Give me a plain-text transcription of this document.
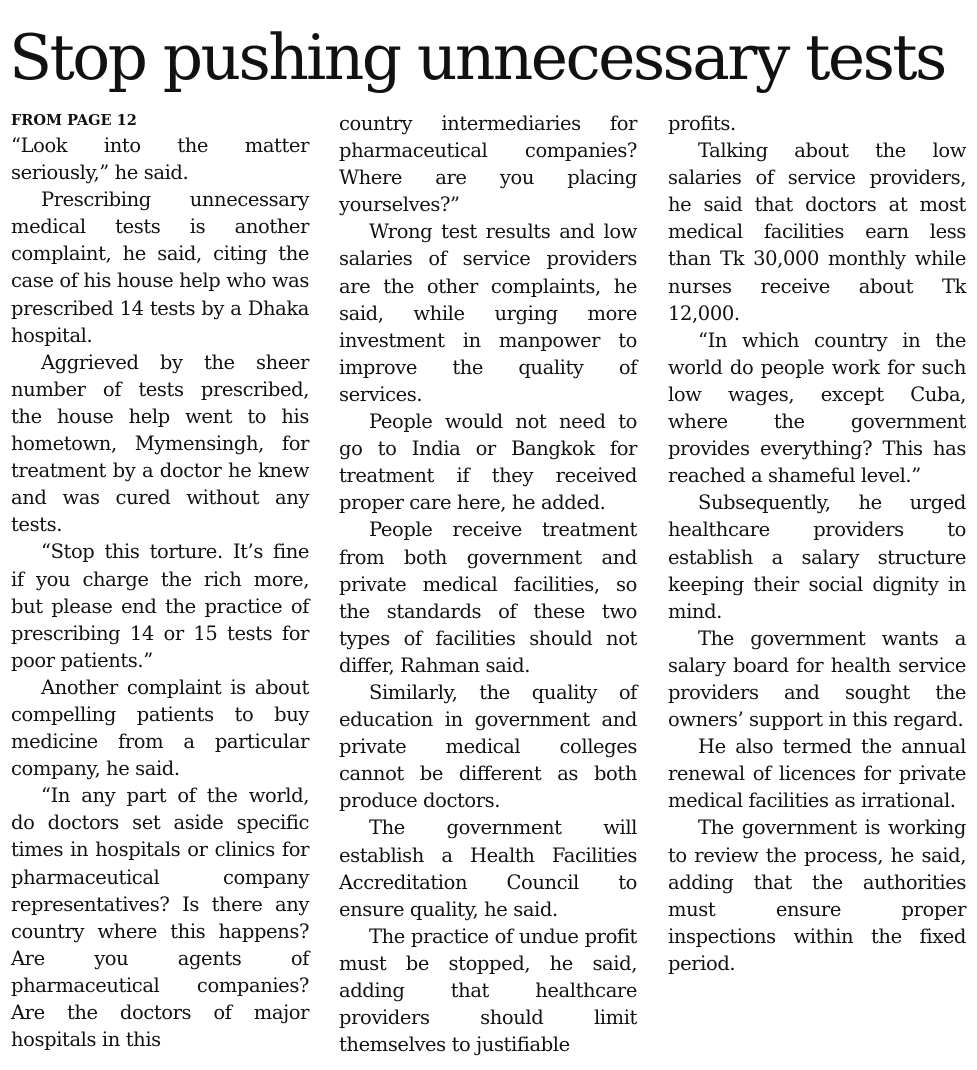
Stop pushing unnecessary tests
FROM PAGE 12

“Look into the matter seriously,” he said.

Prescribing unnecessary medical tests is another complaint, he said, citing the case of his house help who was prescribed 14 tests by a Dhaka hospital.

Aggrieved by the sheer number of tests prescribed, the house help went to his hometown, Mymensingh, for treatment by a doctor he knew and was cured without any tests.

“Stop this torture. It’s fine if you charge the rich more, but please end the practice of prescribing 14 or 15 tests for poor patients.”

Another complaint is about compelling patients to buy medicine from a particular company, he said.

“In any part of the world, do doctors set aside specific times in hospitals or clinics for pharmaceutical company representatives? Is there any country where this happens? Are you agents of pharmaceutical companies? Are the doctors of major hospitals in this

country intermediaries for pharmaceutical companies? Where are you placing yourselves?”

Wrong test results and low salaries of service providers are the other complaints, he said, while urging more investment in manpower to improve the quality of services.

People would not need to go to India or Bangkok for treatment if they received proper care here, he added.

People receive treatment from both government and private medical facilities, so the standards of these two types of facilities should not differ, Rahman said.

Similarly, the quality of education in government and private medical colleges cannot be different as both produce doctors.

The government will establish a Health Facilities Accreditation Council to ensure quality, he said.

The practice of undue profit must be stopped, he said, adding that healthcare providers should limit themselves to justifiable

profits.

Talking about the low salaries of service providers, he said that doctors at most medical facilities earn less than Tk 30,000 monthly while nurses receive about Tk 12,000.

“In which country in the world do people work for such low wages, except Cuba, where the government provides everything? This has reached a shameful level.”

Subsequently, he urged healthcare providers to establish a salary structure keeping their social dignity in mind.

The government wants a salary board for health service providers and sought the owners’ support in this regard.

He also termed the annual renewal of licences for private medical facilities as irrational.

The government is working to review the process, he said, adding that the authorities must ensure proper inspections within the fixed period.
